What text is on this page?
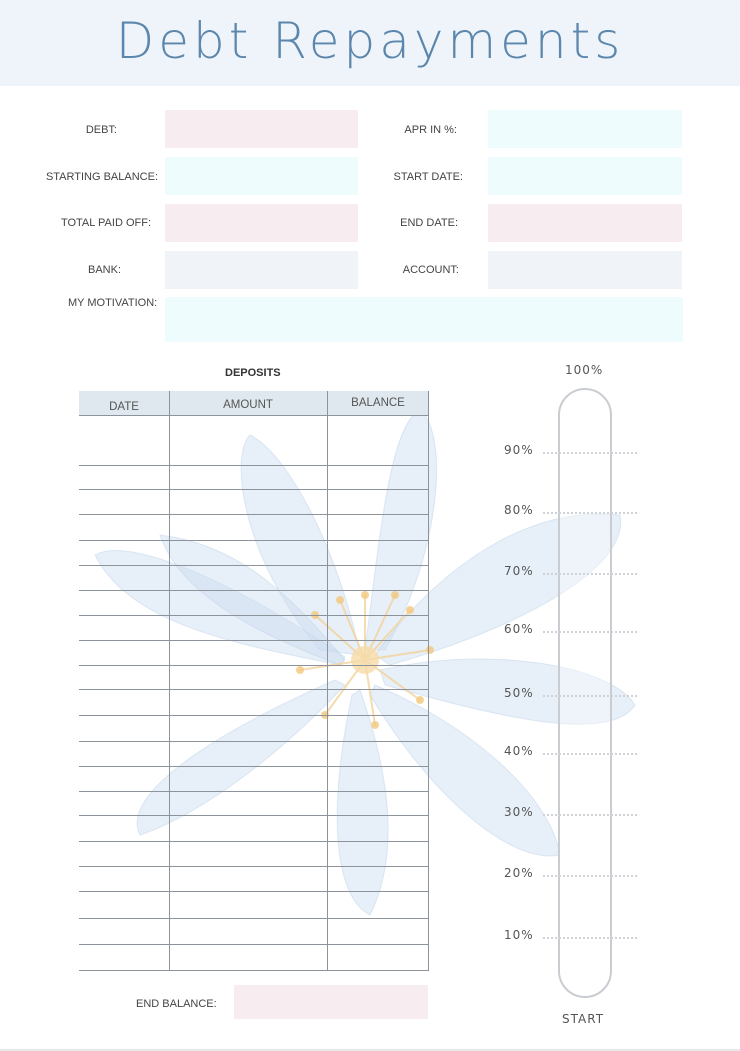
Debt Repayments
DEBT:	APR IN %:
STARTING BALANCE:	START DATE:
TOTAL PAID OFF:	END DATE:
BANK:	ACCOUNT:
MY MOTIVATION:
DEPOSITS
DATE	AMOUNT	BALANCE
END BALANCE:
100%
90%
80%
70%
60%
50%
40%
30%
20%
10%
START
